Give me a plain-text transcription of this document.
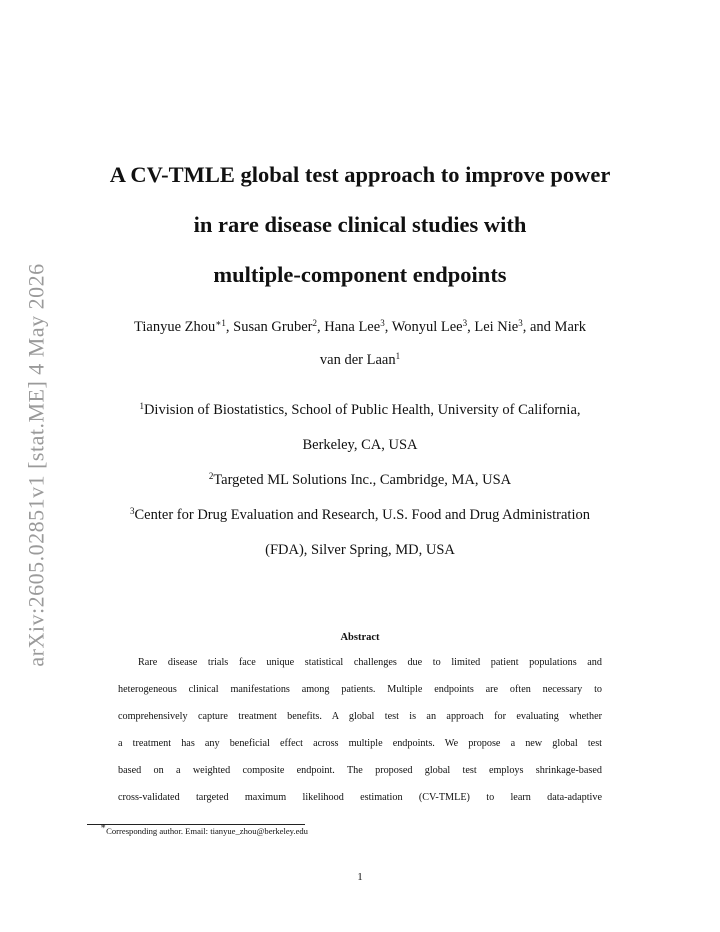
arXiv:2605.02851v1 [stat.ME] 4 May 2026
A CV-TMLE global test approach to improve power
in rare disease clinical studies with
multiple-component endpoints
Tianyue Zhou$^{∗1}$, Susan Gruber$^2$, Hana Lee$^3$, Wonyul Lee$^3$, Lei Nie$^3$, and Mark
van der Laan$^1$
$^1$Division of Biostatistics, School of Public Health, University of California,
Berkeley, CA, USA
$^2$Targeted ML Solutions Inc., Cambridge, MA, USA
$^3$Center for Drug Evaluation and Research, U.S. Food and Drug Administration
(FDA), Silver Spring, MD, USA
Abstract
Rare disease trials face unique statistical challenges due to limited patient populations and
heterogeneous clinical manifestations among patients. Multiple endpoints are often necessary to
comprehensively capture treatment benefits. A global test is an approach for evaluating whether
a treatment has any beneficial effect across multiple endpoints. We propose a new global test
based on a weighted composite endpoint. The proposed global test employs shrinkage-based
cross-validated targeted maximum likelihood estimation (CV-TMLE) to learn data-adaptive
∗Corresponding author. Email: tianyue_zhou@berkeley.edu
1
